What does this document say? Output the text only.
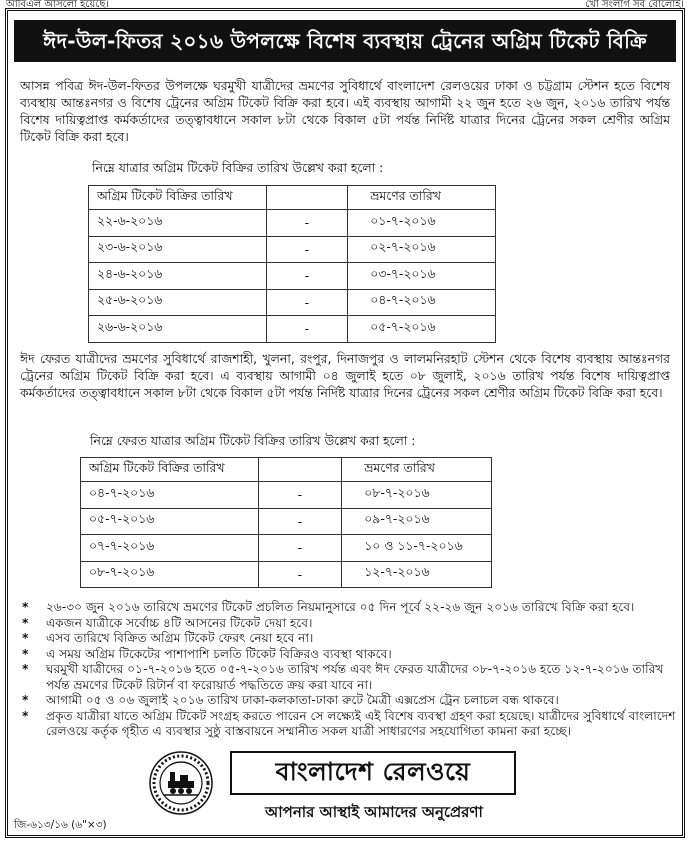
আবিএল আসলো হয়েছে।	খো সংলাগ সব বোলোই।
ঈদ-উল-ফিতর ২০১৬ উপলক্ষে বিশেষ ব্যবস্থায় ট্রেনের অগ্রিম টিকেট বিক্রি

আসন্ন পবিত্র ঈদ-উল-ফিতর উপলক্ষে ঘরমুখী যাত্রীদের ভ্রমণের সুবিধার্থে বাংলাদেশ রেলওয়ের ঢাকা ও চট্টগ্রাম স্টেশন হতে বিশেষ ব্যবস্থায় আন্তঃনগর ও বিশেষ ট্রেনের অগ্রিম টিকেট বিক্রি করা হবে। এই ব্যবস্থায় আগামী ২২ জুন হতে ২৬ জুন, ২০১৬ তারিখ পর্যন্ত বিশেষ দায়িত্বপ্রাপ্ত কর্মকর্তাদের তত্ত্বাবধানে সকাল ৮টা থেকে বিকাল ৫টা পর্যন্ত নির্দিষ্ট যাত্রার দিনের ট্রেনের সকল শ্রেণীর অগ্রিম টিকেট বিক্রি করা হবে।

নিম্নে যাত্রার অগ্রিম টিকেট বিক্রির তারিখ উল্লেখ করা হলো :

অগ্রিম টিকেট বিক্রির তারিখ		ভ্রমণের তারিখ
২২-৬-২০১৬	-	০১-৭-২০১৬
২৩-৬-২০১৬	-	০২-৭-২০১৬
২৪-৬-২০১৬	-	০৩-৭-২০১৬
২৫-৬-২০১৬	-	০৪-৭-২০১৬
২৬-৬-২০১৬	-	০৫-৭-২০১৬

ঈদ ফেরত যাত্রীদের ভ্রমণের সুবিধার্থে রাজশাহী, খুলনা, রংপুর, দিনাজপুর ও লালমনিরহাট স্টেশন থেকে বিশেষ ব্যবস্থায় আন্তঃনগর ট্রেনের অগ্রিম টিকেট বিক্রি করা হবে। এ ব্যবস্থায় আগামী ০৪ জুলাই হতে ০৮ জুলাই, ২০১৬ তারিখ পর্যন্ত বিশেষ দায়িত্বপ্রাপ্ত কর্মকর্তাদের তত্ত্বাবধানে সকাল ৮টা থেকে বিকাল ৫টা পর্যন্ত নির্দিষ্ট যাত্রার দিনের ট্রেনের সকল শ্রেণীর অগ্রিম টিকেট বিক্রি করা হবে।

নিম্নে ফেরত যাত্রার অগ্রিম টিকেট বিক্রির তারিখ উল্লেখ করা হলো :

অগ্রিম টিকেট বিক্রির তারিখ		ভ্রমণের তারিখ
০৪-৭-২০১৬	-	০৮-৭-২০১৬
০৫-৭-২০১৬	-	০৯-৭-২০১৬
০৭-৭-২০১৬	-	১০ ও ১১-৭-২০১৬
০৮-৭-২০১৬	-	১২-৭-২০১৬
* ২৬-৩০ জুন ২০১৬ তারিখে ভ্রমণের টিকেট প্রচলিত নিয়মানুসারে ০৫ দিন পূর্বে ২২-২৬ জুন ২০১৬ তারিখে বিক্রি করা হবে।
* একজন যাত্রীকে সর্বোচ্চ ৪টি আসনের টিকেট দেয়া হবে।
* এসব তারিখে বিক্রিত অগ্রিম টিকেট ফেরৎ নেয়া হবে না।
* এ সময় অগ্রিম টিকেটের পাশাপাশি চলতি টিকেট বিক্রিরও ব্যবস্থা থাকবে।
* ঘরমুখী যাত্রীদের ০১-৭-২০১৬ হতে ০৫-৭-২০১৬ তারিখ পর্যন্ত এবং ঈদ ফেরত যাত্রীদের ০৮-৭-২০১৬ হতে ১২-৭-২০১৬ তারিখ পর্যন্ত ভ্রমণের টিকেট রিটার্ন বা ফরোয়ার্ড পদ্ধতিতে ক্রয় করা যাবে না।
* আগামী ০৫ ও ০৬ জুলাই ২০১৬ তারিখ ঢাকা-কলকাতা-ঢাকা রুটে মৈত্রী এক্সপ্রেস ট্রেন চলাচল বন্ধ থাকবে।
* প্রকৃত যাত্রীরা যাতে অগ্রিম টিকেট সংগ্রহ করতে পারেন সে লক্ষ্যেই এই বিশেষ ব্যবস্থা গ্রহণ করা হয়েছে। যাত্রীদের সুবিধার্থে বাংলাদেশ রেলওয়ে কর্তৃক গৃহীত এ ব্যবস্থার সুষ্ঠু বাস্তবায়নে সম্মানীত সকল যাত্রী সাধারণের সহযোগিতা কামনা করা হচ্ছে।
বাংলাদেশ রেলওয়ে
আপনার আস্থাই আমাদের অনুপ্রেরণা
জি-৬১৩/১৬ (৬"×৩)
